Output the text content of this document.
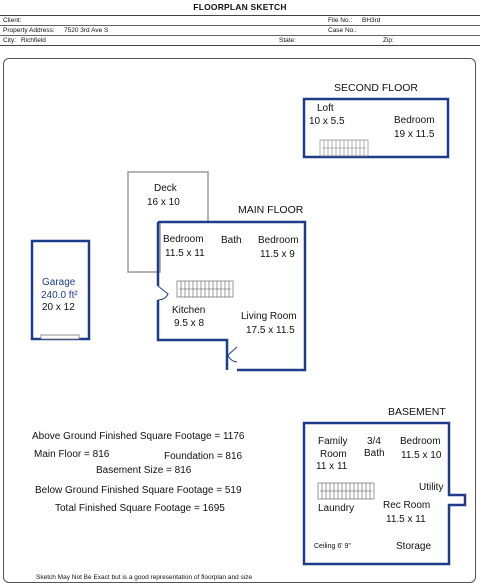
FLOORPLAN SKETCH
Client:	File No.: BH3rd
Property Address: 7520 3rd Ave S	Case No.:
City: Richfield	State:	Zip:
SECOND FLOOR
Loft
10 x 5.5	Bedroom
19 x 11.5
Deck
16 x 10
MAIN FLOOR
Bedroom
11.5 x 11
Bath Bedroom
11.5 x 9
Kitchen
9.5 x 8
Living Room
17.5 x 11.5
Garage
240.0 ft²
20 x 12
BASEMENT
Family
Room
11 x 11
3/4
Bath
Bedroom
11.5 x 10
Utility
Laundry	Rec Room
11.5 x 11
Storage
Ceiling 6' 9"
Above Ground Finished Square Footage = 1176
Main Floor = 816	Foundation = 816
Basement Size = 816
Below Ground Finished Square Footage = 519
Total Finished Square Footage = 1695
Sketch May Not Be Exact but is a good representation of floorplan and size
